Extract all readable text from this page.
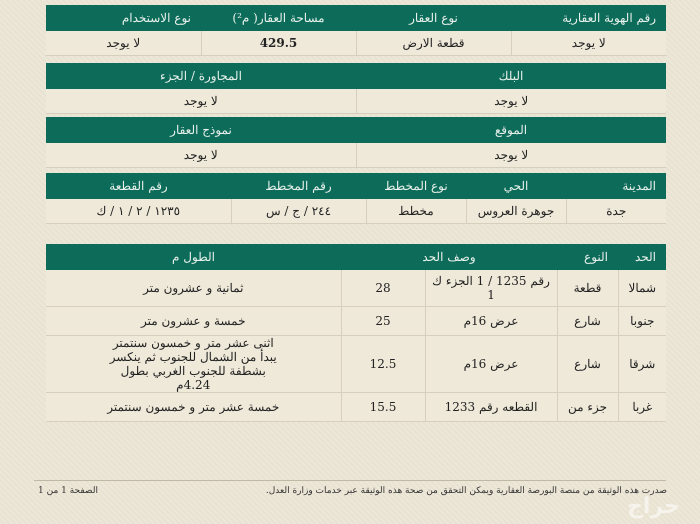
رقم الهوية العقارية	نوع العقار	مساحة العقار( م²)	نوع الاستخدام
لا يوجد	قطعة الارض	429.5	لا يوجد
البلك	المجاورة / الجزء
لا يوجد	لا يوجد
الموقع	نموذج العقار
لا يوجد	لا يوجد
المدينة	الحي	نوع المخطط	رقم المخطط	رقم القطعة
جدة	جوهرة العروس	مخطط	٢٤٤ / ج / س	١٢٣٥ / ٢ / ١ / ك
الحد	النوع	وصف الحد		الطول م
شمالا	قطعة	رقم 1235 / 1 الجزء ك 1	28	ثمانية و عشرون متر
جنوبا	شارع	عرض 16م	25	خمسة و عشرون متر
شرقا	شارع	عرض 16م	12.5	اثنى عشر متر و خمسون سنتمتر يبدأ من الشمال للجنوب ثم ينكسر بشطفة للجنوب الغربي بطول 4.24م
غربا	جزء من	القطعه رقم 1233	15.5	خمسة عشر متر و خمسون سنتمتر
صدرت هذه الوثيقة من منصة البورصة العقارية ويمكن التحقق من صحة هذه الوثيقة عبر خدمات وزارة العدل.
الصفحة 1 من 1
حراج
